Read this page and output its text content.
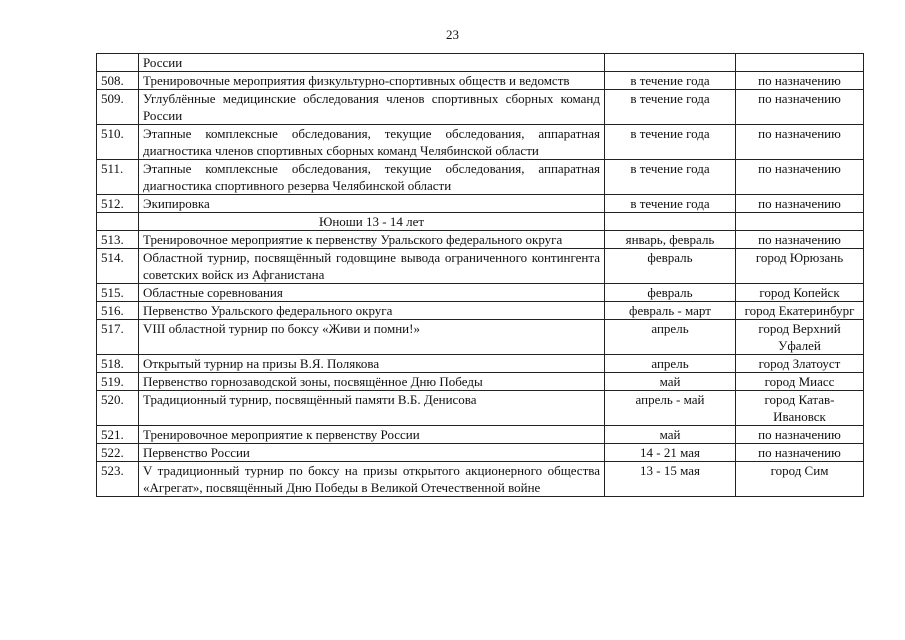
23
	России		
508.	Тренировочные мероприятия физкультурно-спортивных обществ и ведомств	в течение года	по назначению
509.	Углублённые медицинские обследования членов спортивных сборных команд России	в течение года	по назначению
510.	Этапные комплексные обследования, текущие обследования, аппаратная диагностика членов спортивных сборных команд Челябинской области	в течение года	по назначению
511.	Этапные комплексные обследования, текущие обследования, аппаратная диагностика спортивного резерва Челябинской области	в течение года	по назначению
512.	Экипировка	в течение года	по назначению
	Юноши 13 - 14 лет		
513.	Тренировочное мероприятие к первенству Уральского федерального округа	январь, февраль	по назначению
514.	Областной турнир, посвящённый годовщине вывода ограниченного контингента советских войск из Афганистана	февраль	город Юрюзань
515.	Областные соревнования	февраль	город Копейск
516.	Первенство Уральского федерального округа	февраль - март	город Екатеринбург
517.	VIII областной турнир по боксу «Живи и помни!»	апрель	город Верхний Уфалей
518.	Открытый турнир на призы В.Я. Полякова	апрель	город Златоуст
519.	Первенство горнозаводской зоны, посвящённое Дню Победы	май	город Миасс
520.	Традиционный турнир, посвящённый памяти В.Б. Денисова	апрель - май	город Катав-Ивановск
521.	Тренировочное мероприятие к первенству России	май	по назначению
522.	Первенство России	14 - 21 мая	по назначению
523.	V традиционный турнир по боксу на призы открытого акционерного общества «Агрегат», посвящённый Дню Победы в Великой Отечественной войне	13 - 15 мая	город Сим
